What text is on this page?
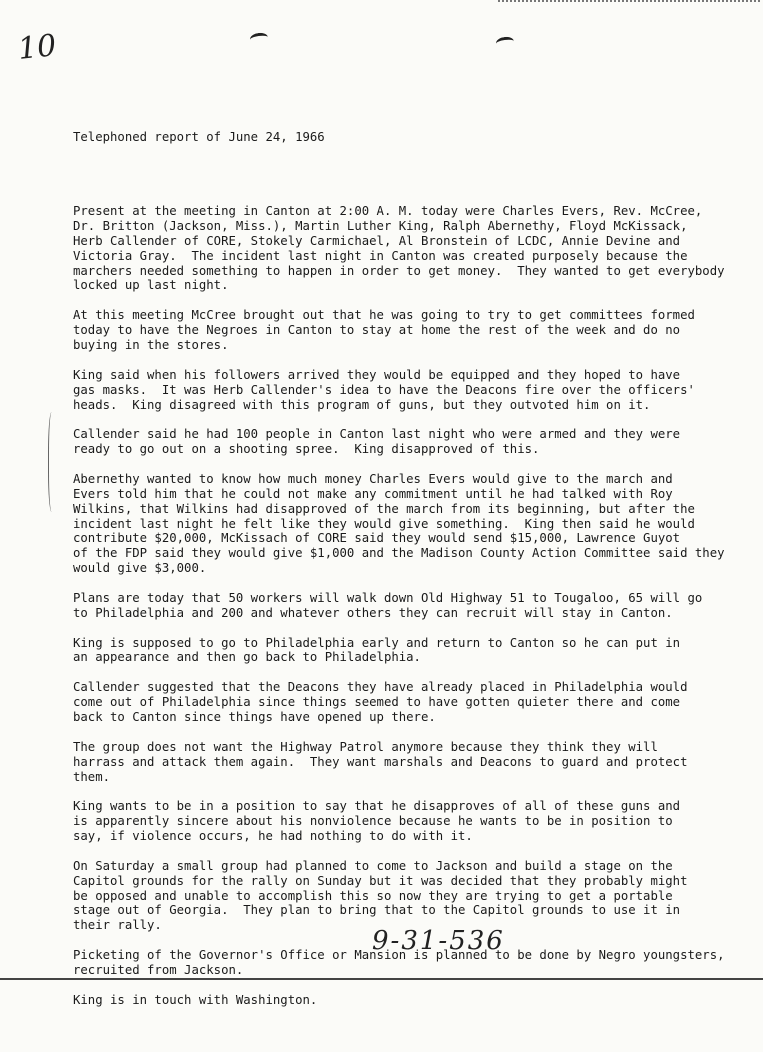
10

Telephoned report of June 24, 1966

Present at the meeting in Canton at 2:00 A. M. today were Charles Evers, Rev. McCree,
Dr. Britton (Jackson, Miss.), Martin Luther King, Ralph Abernethy, Floyd McKissack,
Herb Callender of CORE, Stokely Carmichael, Al Bronstein of LCDC, Annie Devine and
Victoria Gray.  The incident last night in Canton was created purposely because the
marchers needed something to happen in order to get money.  They wanted to get everybody
locked up last night.
At this meeting McCree brought out that he was going to try to get committees formed
today to have the Negroes in Canton to stay at home the rest of the week and do no
buying in the stores.
King said when his followers arrived they would be equipped and they hoped to have
gas masks.  It was Herb Callender's idea to have the Deacons fire over the officers'
heads.  King disagreed with this program of guns, but they outvoted him on it.
Callender said he had 100 people in Canton last night who were armed and they were
ready to go out on a shooting spree.  King disapproved of this.
Abernethy wanted to know how much money Charles Evers would give to the march and
Evers told him that he could not make any commitment until he had talked with Roy
Wilkins, that Wilkins had disapproved of the march from its beginning, but after the
incident last night he felt like they would give something.  King then said he would
contribute $20,000, McKissach of CORE said they would send $15,000, Lawrence Guyot
of the FDP said they would give $1,000 and the Madison County Action Committee said they
would give $3,000.
Plans are today that 50 workers will walk down Old Highway 51 to Tougaloo, 65 will go
to Philadelphia and 200 and whatever others they can recruit will stay in Canton.
King is supposed to go to Philadelphia early and return to Canton so he can put in
an appearance and then go back to Philadelphia.
Callender suggested that the Deacons they have already placed in Philadelphia would
come out of Philadelphia since things seemed to have gotten quieter there and come
back to Canton since things have opened up there.
The group does not want the Highway Patrol anymore because they think they will
harrass and attack them again.  They want marshals and Deacons to guard and protect
them.
King wants to be in a position to say that he disapproves of all of these guns and
is apparently sincere about his nonviolence because he wants to be in position to
say, if violence occurs, he had nothing to do with it.
On Saturday a small group had planned to come to Jackson and build a stage on the
Capitol grounds for the rally on Sunday but it was decided that they probably might
be opposed and unable to accomplish this so now they are trying to get a portable
stage out of Georgia.  They plan to bring that to the Capitol grounds to use it in
their rally.
Picketing of the Governor's Office or Mansion is planned to be done by Negro youngsters,
recruited from Jackson.
King is in touch with Washington.

9-31-536
